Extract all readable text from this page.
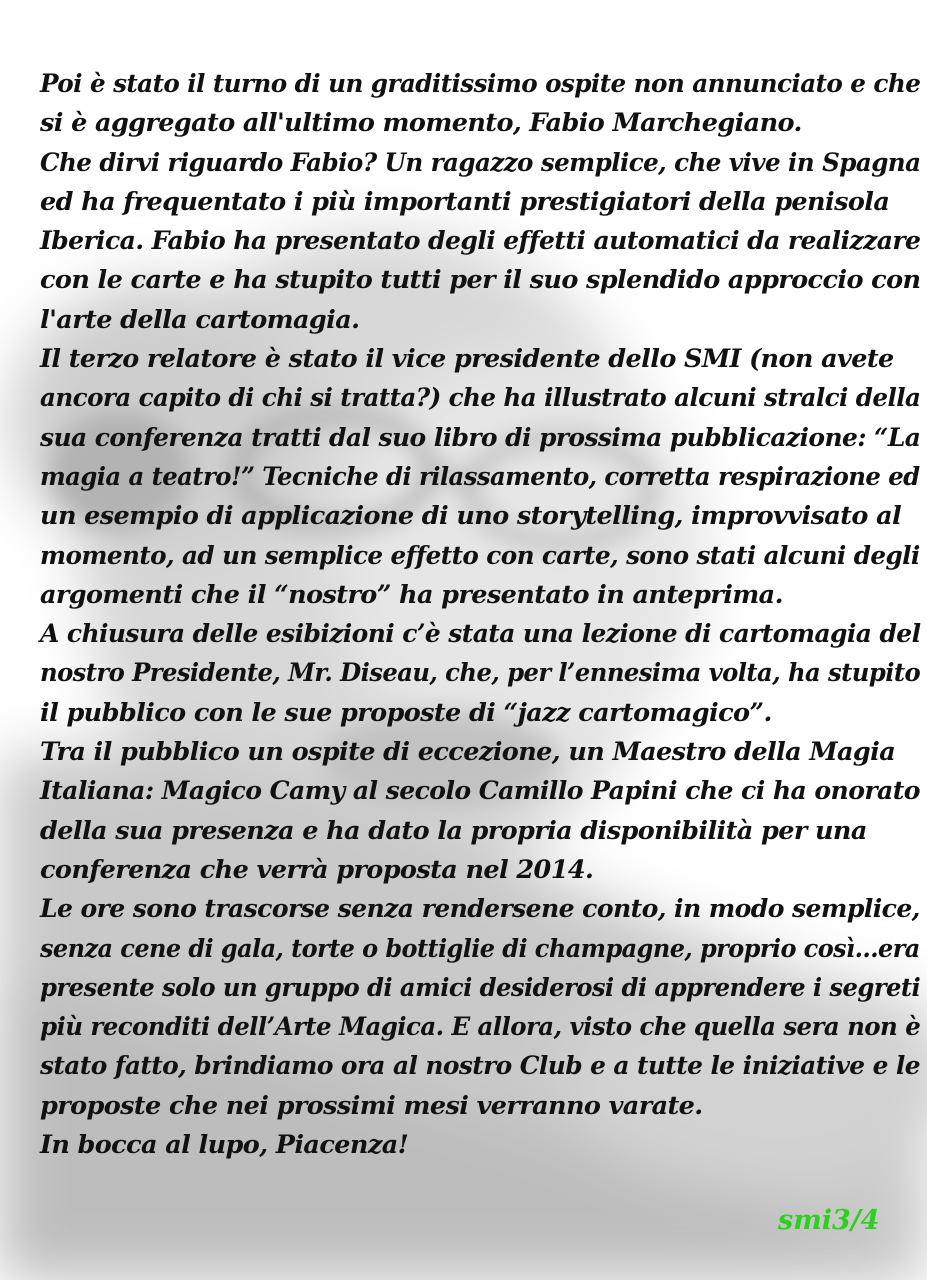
Poi è stato il turno di un graditissimo ospite non annunciato e che
si è aggregato all'ultimo momento, Fabio Marchegiano.
Che dirvi riguardo Fabio? Un ragazzo semplice, che vive in Spagna
ed ha frequentato i più importanti prestigiatori della penisola
Iberica. Fabio ha presentato degli effetti automatici da realizzare
con le carte e ha stupito tutti per il suo splendido approccio con
l'arte della cartomagia.
Il terzo relatore è stato il vice presidente dello SMI (non avete
ancora capito di chi si tratta?) che ha illustrato alcuni stralci della
sua conferenza tratti dal suo libro di prossima pubblicazione: “La
magia a teatro!” Tecniche di rilassamento, corretta respirazione ed
un esempio di applicazione di uno storytelling, improvvisato al
momento, ad un semplice effetto con carte, sono stati alcuni degli
argomenti che il “nostro” ha presentato in anteprima.
A chiusura delle esibizioni c’è stata una lezione di cartomagia del
nostro Presidente, Mr. Diseau, che, per l’ennesima volta, ha stupito
il pubblico con le sue proposte di “jazz cartomagico”.
Tra il pubblico un ospite di eccezione, un Maestro della Magia
Italiana: Magico Camy al secolo Camillo Papini che ci ha onorato
della sua presenza e ha dato la propria disponibilità per una
conferenza che verrà proposta nel 2014.
Le ore sono trascorse senza rendersene conto, in modo semplice,
senza cene di gala, torte o bottiglie di champagne, proprio così…era
presente solo un gruppo di amici desiderosi di apprendere i segreti
più reconditi dell’Arte Magica. E allora, visto che quella sera non è
stato fatto, brindiamo ora al nostro Club e a tutte le iniziative e le
proposte che nei prossimi mesi verranno varate.
In bocca al lupo, Piacenza!
smi3/4
